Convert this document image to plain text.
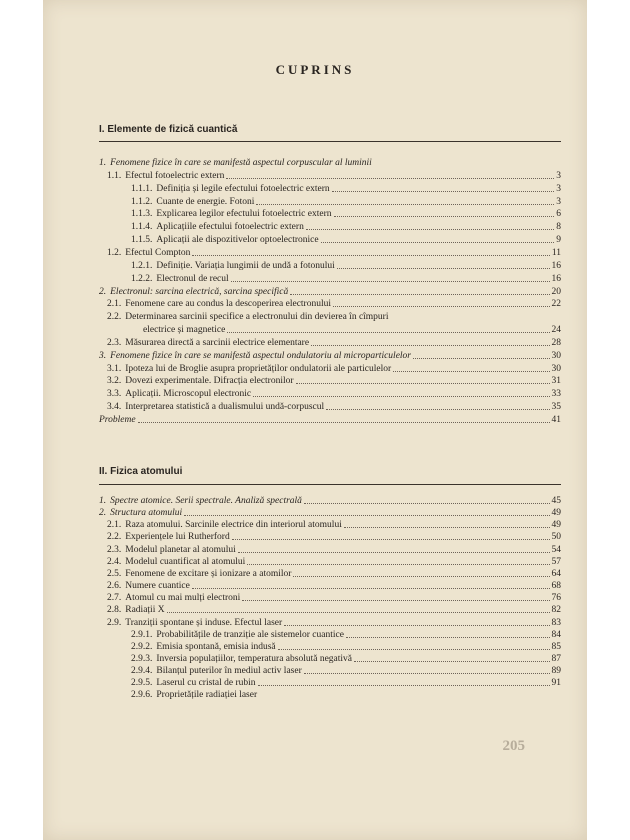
CUPRINS
I. Elemente de fizică cuantică
1. Fenomene fizice în care se manifestă aspectul corpuscular al luminii
1.1. Efectul fotoelectric extern	3
1.1.1. Definiția și legile efectului fotoelectric extern	3
1.1.2. Cuante de energie. Fotoni	3
1.1.3. Explicarea legilor efectului fotoelectric extern	6
1.1.4. Aplicațiile efectului fotoelectric extern	8
1.1.5. Aplicații ale dispozitivelor optoelectronice	9
1.2. Efectul Compton	11
1.2.1. Definiție. Variația lungimii de undă a fotonului	16
1.2.2. Electronul de recul	16
2. Electronul: sarcina electrică, sarcina specifică	20
2.1. Fenomene care au condus la descoperirea electronului	22
2.2. Determinarea sarcinii specifice a electronului din devierea în cîmpuri
electrice și magnetice	24
2.3. Măsurarea directă a sarcinii electrice elementare	28
3. Fenomene fizice în care se manifestă aspectul ondulatoriu al microparticulelor	30
3.1. Ipoteza lui de Broglie asupra proprietăților ondulatorii ale particulelor	30
3.2. Dovezi experimentale. Difracția electronilor	31
3.3. Aplicații. Microscopul electronic	33
3.4. Interpretarea statistică a dualismului undă-corpuscul	35
Probleme	41
II. Fizica atomului
1. Spectre atomice. Serii spectrale. Analiză spectrală	45
2. Structura atomului	49
2.1. Raza atomului. Sarcinile electrice din interiorul atomului	49
2.2. Experiențele lui Rutherford	50
2.3. Modelul planetar al atomului	54
2.4. Modelul cuantificat al atomului	57
2.5. Fenomene de excitare și ionizare a atomilor	64
2.6. Numere cuantice	68
2.7. Atomul cu mai mulți electroni	76
2.8. Radiații X	82
2.9. Tranziții spontane și induse. Efectul laser	83
2.9.1. Probabilitățile de tranziție ale sistemelor cuantice	84
2.9.2. Emisia spontană, emisia indusă	85
2.9.3. Inversia populațiilor, temperatura absolută negativă	87
2.9.4. Bilanțul puterilor în mediul activ laser	89
2.9.5. Laserul cu cristal de rubin	91
2.9.6. Proprietățile radiației laser
205
